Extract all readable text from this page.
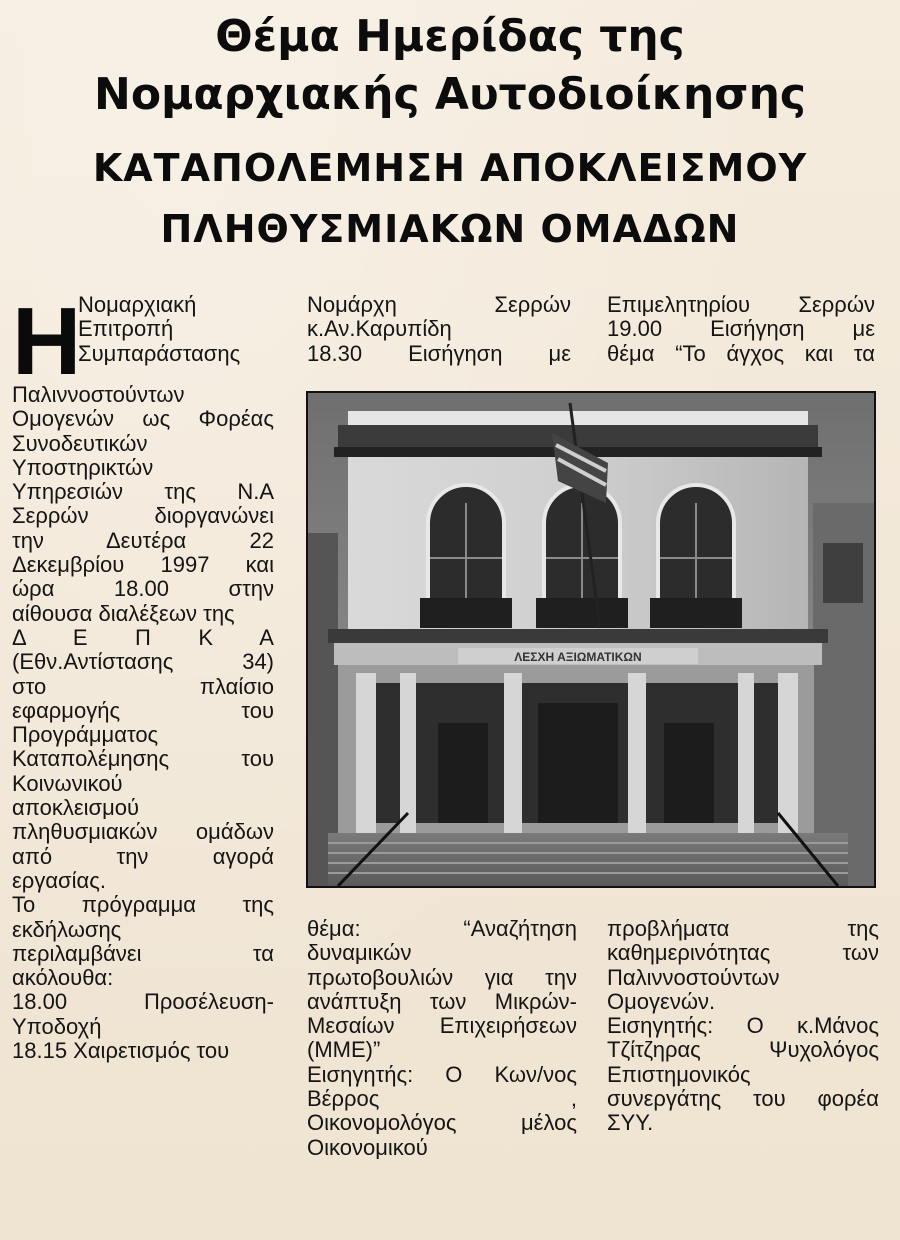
Θέμα Ημερίδας της
Νομαρχιακής Αυτοδιοίκησης
ΚΑΤΑΠΟΛΕΜΗΣΗ ΑΠΟΚΛΕΙΣΜΟΥ
ΠΛΗΘΥΣΜΙΑΚΩΝ ΟΜΑΔΩΝ
Η
Νομαρχιακή
Επιτροπή
Συμπαράστασης
Παλιννοστούντων
Ομογενών ως Φορέας
Συνοδευτικών
Υποστηρικτών
Υπηρεσιών της Ν.Α
Σερρών διοργανώνει
την Δευτέρα 22
Δεκεμβρίου 1997 και
ώρα 18.00 στην
αίθουσα διαλέξεων της
Δ Ε Π Κ Α
(Εθν.Αντίστασης 34)
στο πλαίσιο
εφαρμογής του
Προγράμματος
Καταπολέμησης του
Κοινωνικού
αποκλεισμού
πληθυσμιακών ομάδων
από την αγορά
εργασίας.
Το πρόγραμμα της
εκδήλωσης
περιλαμβάνει τα
ακόλουθα:
18.00 Προσέλευση-
Υποδοχή
18.15 Χαιρετισμός του
Νομάρχη Σερρών
κ.Αν.Καρυπίδη
18.30 Εισήγηση με
Επιμελητηρίου Σερρών
19.00 Εισήγηση με
θέμα “Το άγχος και τα
θέμα: “Αναζήτηση
δυναμικών
πρωτοβουλιών για την
ανάπτυξη των Μικρών-
Μεσαίων Επιχειρήσεων
(ΜΜΕ)”
Εισηγητής: Ο Κων/νος
Βέρρος ,
Οικονομολόγος μέλος
Οικονομικού
προβλήματα της
καθημερινότητας των
Παλιννοστούντων
Ομογενών.
Εισηγητής: Ο κ.Μάνος
Τζίτζηρας Ψυχολόγος
Επιστημονικός
συνεργάτης του φορέα
ΣΥΥ.
ΛΕΣΧΗ ΑΞΙΩΜΑΤΙΚΩΝ
